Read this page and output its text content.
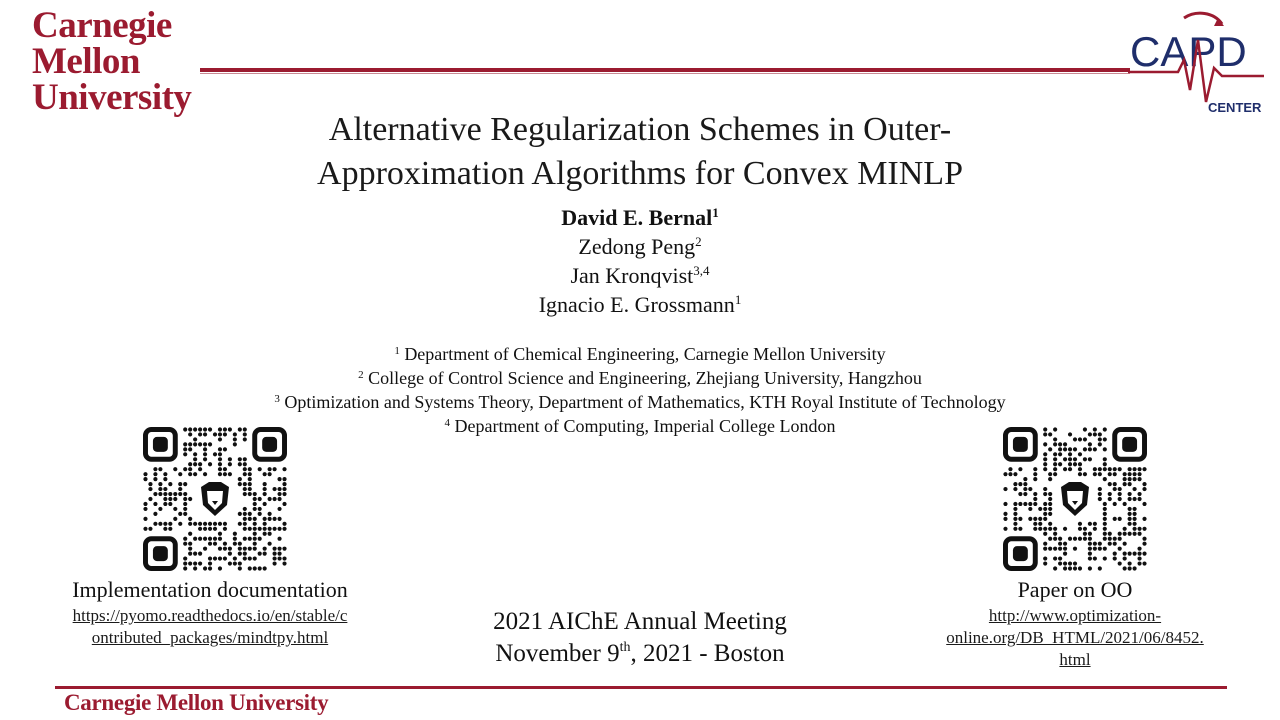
Carnegie
Mellon
University
CAPD
CENTER
Alternative Regularization Schemes in Outer-
Approximation Algorithms for Convex MINLP
David E. Bernal$^1$
Zedong Peng$^2$
Jan Kronqvist$^{3,4}$
Ignacio E. Grossmann$^1$
$^1$ Department of Chemical Engineering, Carnegie Mellon University
$^2$ College of Control Science and Engineering, Zhejiang University, Hangzhou
$^3$ Optimization and Systems Theory, Department of Mathematics, KTH Royal Institute of Technology
$^4$ Department of Computing, Imperial College London
Implementation documentation
https://pyomo.readthedocs.io/en/stable/c
ontributed_packages/mindtpy.html
Paper on OO
http://www.optimization-
online.org/DB_HTML/2021/06/8452.
html
2021 AIChE Annual Meeting
November 9th, 2021 - Boston
Carnegie Mellon University
